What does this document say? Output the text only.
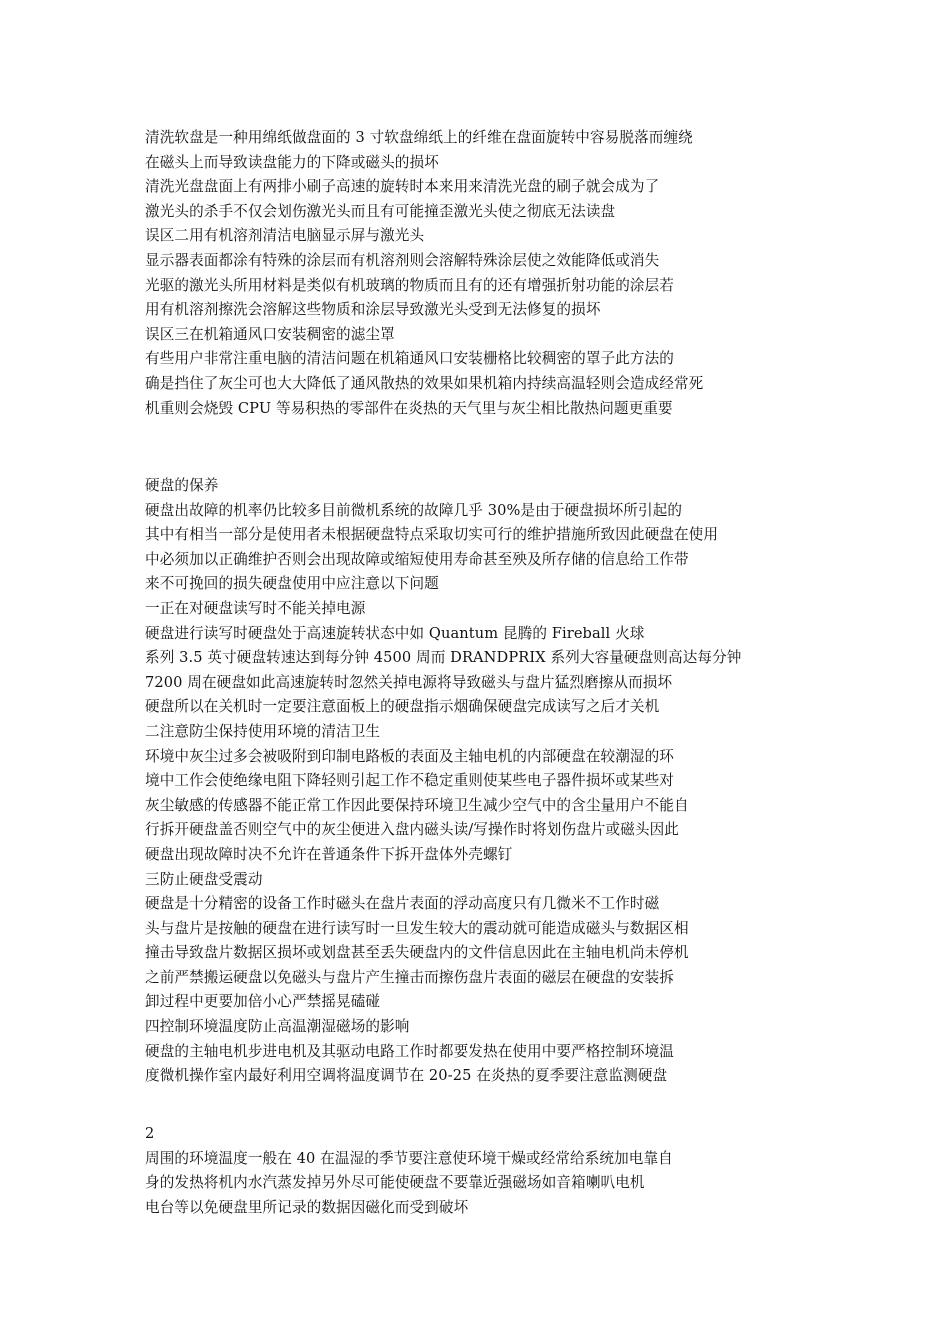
清洗软盘是一种用绵纸做盘面的 3 寸软盘绵纸上的纤维在盘面旋转中容易脱落而缠绕
在磁头上而导致读盘能力的下降或磁头的损坏
清洗光盘盘面上有两排小刷子高速的旋转时本来用来清洗光盘的刷子就会成为了
激光头的杀手不仅会划伤激光头而且有可能撞歪激光头使之彻底无法读盘
误区二用有机溶剂清洁电脑显示屏与激光头
显示器表面都涂有特殊的涂层而有机溶剂则会溶解特殊涂层使之效能降低或消失
光驱的激光头所用材料是类似有机玻璃的物质而且有的还有增强折射功能的涂层若
用有机溶剂擦洗会溶解这些物质和涂层导致激光头受到无法修复的损坏
误区三在机箱通风口安装稠密的滤尘罩
有些用户非常注重电脑的清洁问题在机箱通风口安装栅格比较稠密的罩子此方法的
确是挡住了灰尘可也大大降低了通风散热的效果如果机箱内持续高温轻则会造成经常死
机重则会烧毁 CPU 等易积热的零部件在炎热的天气里与灰尘相比散热问题更重要
硬盘的保养
硬盘出故障的机率仍比较多目前微机系统的故障几乎 30%是由于硬盘损坏所引起的
其中有相当一部分是使用者未根据硬盘特点采取切实可行的维护措施所致因此硬盘在使用
中必须加以正确维护否则会出现故障或缩短使用寿命甚至殃及所存储的信息给工作带
来不可挽回的损失硬盘使用中应注意以下问题
一正在对硬盘读写时不能关掉电源
硬盘进行读写时硬盘处于高速旋转状态中如 Quantum 昆腾的 Fireball 火球
系列 3.5 英寸硬盘转速达到每分钟 4500 周而 DRANDPRIX 系列大容量硬盘则高达每分钟
7200 周在硬盘如此高速旋转时忽然关掉电源将导致磁头与盘片猛烈磨擦从而损坏
硬盘所以在关机时一定要注意面板上的硬盘指示烟确保硬盘完成读写之后才关机
二注意防尘保持使用环境的清洁卫生
环境中灰尘过多会被吸附到印制电路板的表面及主轴电机的内部硬盘在较潮湿的环
境中工作会使绝缘电阻下降轻则引起工作不稳定重则使某些电子器件损坏或某些对
灰尘敏感的传感器不能正常工作因此要保持环境卫生减少空气中的含尘量用户不能自
行拆开硬盘盖否则空气中的灰尘便进入盘内磁头读/写操作时将划伤盘片或磁头因此
硬盘出现故障时决不允许在普通条件下拆开盘体外壳螺钉
三防止硬盘受震动
硬盘是十分精密的设备工作时磁头在盘片表面的浮动高度只有几微米不工作时磁
头与盘片是按触的硬盘在进行读写时一旦发生较大的震动就可能造成磁头与数据区相
撞击导致盘片数据区损坏或划盘甚至丢失硬盘内的文件信息因此在主轴电机尚未停机
之前严禁搬运硬盘以免磁头与盘片产生撞击而擦伤盘片表面的磁层在硬盘的安装拆
卸过程中更要加倍小心严禁摇晃磕碰
四控制环境温度防止高温潮湿磁场的影响
硬盘的主轴电机步进电机及其驱动电路工作时都要发热在使用中要严格控制环境温
度微机操作室内最好利用空调将温度调节在 20-25 在炎热的夏季要注意监测硬盘
2
周围的环境温度一般在 40 在温湿的季节要注意使环境干燥或经常给系统加电靠自
身的发热将机内水汽蒸发掉另外尽可能使硬盘不要靠近强磁场如音箱喇叭电机
电台等以免硬盘里所记录的数据因磁化而受到破坏
